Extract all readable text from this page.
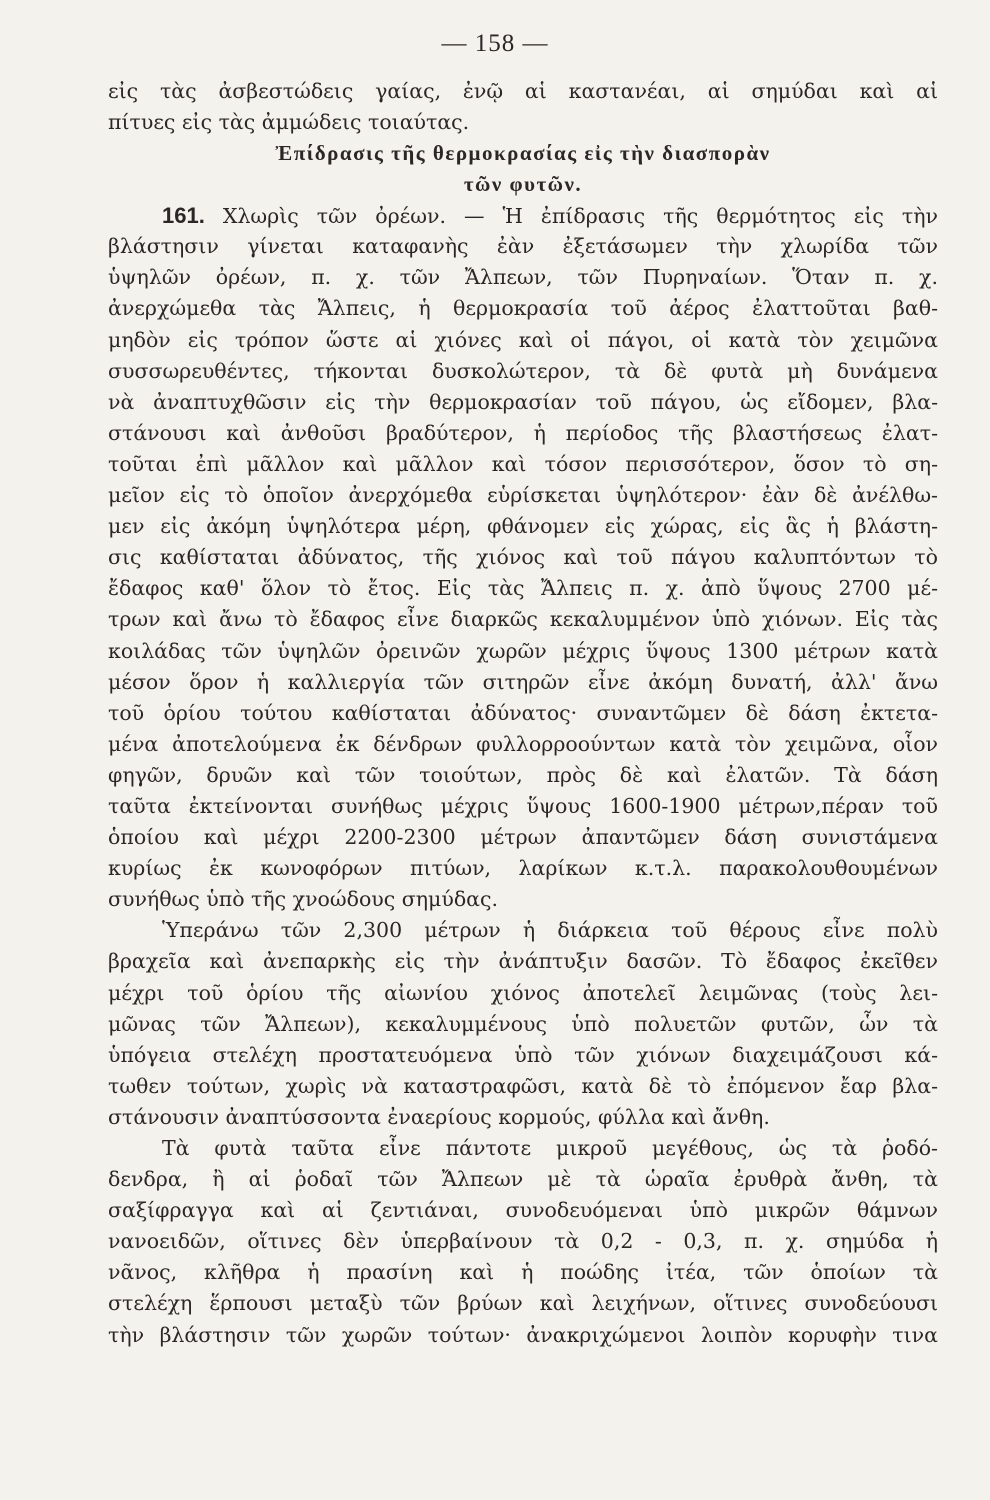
— 158 —
εἰς τὰς ἀσβεστώδεις γαίας, ἐνῷ αἱ καστανέαι, αἱ σημύδαι καὶ αἱ
πίτυες εἰς τὰς ἀμμώδεις τοιαύτας.
Ἐπίδρασις τῆς θερμοκρασίας εἰς τὴν διασπορὰν
τῶν φυτῶν.
161. Χλωρὶς τῶν ὀρέων. — Ἡ ἐπίδρασις τῆς θερμότητος εἰς τὴν
βλάστησιν γίνεται καταφανὴς ἐὰν ἐξετάσωμεν τὴν χλωρίδα τῶν
ὑψηλῶν ὀρέων, π. χ. τῶν Ἄλπεων, τῶν Πυρηναίων. Ὅταν π. χ.
ἀνερχώμεθα τὰς Ἄλπεις, ἡ θερμοκρασία τοῦ ἀέρος ἐλαττοῦται βαθ-
μηδὸν εἰς τρόπον ὥστε αἱ χιόνες καὶ οἱ πάγοι, οἱ κατὰ τὸν χειμῶνα
συσσωρευθέντες, τήκονται δυσκολώτερον, τὰ δὲ φυτὰ μὴ δυνάμενα
νὰ ἀναπτυχθῶσιν εἰς τὴν θερμοκρασίαν τοῦ πάγου, ὡς εἴδομεν, βλα-
στάνουσι καὶ ἀνθοῦσι βραδύτερον, ἡ περίοδος τῆς βλαστήσεως ἐλατ-
τοῦται ἐπὶ μᾶλλον καὶ μᾶλλον καὶ τόσον περισσότερον, ὅσον τὸ ση-
μεῖον εἰς τὸ ὁποῖον ἀνερχόμεθα εὑρίσκεται ὑψηλότερον· ἐὰν δὲ ἀνέλθω-
μεν εἰς ἀκόμη ὑψηλότερα μέρη, φθάνομεν εἰς χώρας, εἰς ἃς ἡ βλάστη-
σις καθίσταται ἀδύνατος, τῆς χιόνος καὶ τοῦ πάγου καλυπτόντων τὸ
ἔδαφος καθ' ὅλον τὸ ἔτος. Εἰς τὰς Ἄλπεις π. χ. ἀπὸ ὕψους 2700 μέ-
τρων καὶ ἄνω τὸ ἔδαφος εἶνε διαρκῶς κεκαλυμμένον ὑπὸ χιόνων. Εἰς τὰς
κοιλάδας τῶν ὑψηλῶν ὀρεινῶν χωρῶν μέχρις ὕψους 1300 μέτρων κατὰ
μέσον ὅρον ἡ καλλιεργία τῶν σιτηρῶν εἶνε ἀκόμη δυνατή, ἀλλ' ἄνω
τοῦ ὁρίου τούτου καθίσταται ἀδύνατος· συναντῶμεν δὲ δάση ἐκτετα-
μένα ἀποτελούμενα ἐκ δένδρων φυλλορροούντων κατὰ τὸν χειμῶνα, οἷον
φηγῶν, δρυῶν καὶ τῶν τοιούτων, πρὸς δὲ καὶ ἐλατῶν. Τὰ δάση
ταῦτα ἐκτείνονται συνήθως μέχρις ὕψους 1600-1900 μέτρων,πέραν τοῦ
ὁποίου καὶ μέχρι 2200-2300 μέτρων ἀπαντῶμεν δάση συνιστάμενα
κυρίως ἐκ κωνοφόρων πιτύων, λαρίκων κ.τ.λ. παρακολουθουμένων
συνήθως ὑπὸ τῆς χνοώδους σημύδας.
Ὑπεράνω τῶν 2,300 μέτρων ἡ διάρκεια τοῦ θέρους εἶνε πολὺ
βραχεῖα καὶ ἀνεπαρκὴς εἰς τὴν ἀνάπτυξιν δασῶν. Τὸ ἔδαφος ἐκεῖθεν
μέχρι τοῦ ὁρίου τῆς αἰωνίου χιόνος ἀποτελεῖ λειμῶνας (τοὺς λει-
μῶνας τῶν Ἄλπεων), κεκαλυμμένους ὑπὸ πολυετῶν φυτῶν, ὧν τὰ
ὑπόγεια στελέχη προστατευόμενα ὑπὸ τῶν χιόνων διαχειμάζουσι κά-
τωθεν τούτων, χωρὶς νὰ καταστραφῶσι, κατὰ δὲ τὸ ἐπόμενον ἔαρ βλα-
στάνουσιν ἀναπτύσσοντα ἐναερίους κορμούς, φύλλα καὶ ἄνθη.
Τὰ φυτὰ ταῦτα εἶνε πάντοτε μικροῦ μεγέθους, ὡς τὰ ῥοδό-
δενδρα, ἢ αἱ ῥοδαῖ τῶν Ἄλπεων μὲ τὰ ὡραῖα ἐρυθρὰ ἄνθη, τὰ
σαξίφραγγα καὶ αἱ ζεντιάναι, συνοδευόμεναι ὑπὸ μικρῶν θάμνων
νανοειδῶν, οἵτινες δὲν ὑπερβαίνουν τὰ 0,2 - 0,3, π. χ. σημύδα ἡ
νᾶνος, κλῆθρα ἡ πρασίνη καὶ ἡ ποώδης ἰτέα, τῶν ὁποίων τὰ
στελέχη ἕρπουσι μεταξὺ τῶν βρύων καὶ λειχήνων, οἵτινες συνοδεύουσι
τὴν βλάστησιν τῶν χωρῶν τούτων· ἀνακριχώμενοι λοιπὸν κορυφὴν τινα
